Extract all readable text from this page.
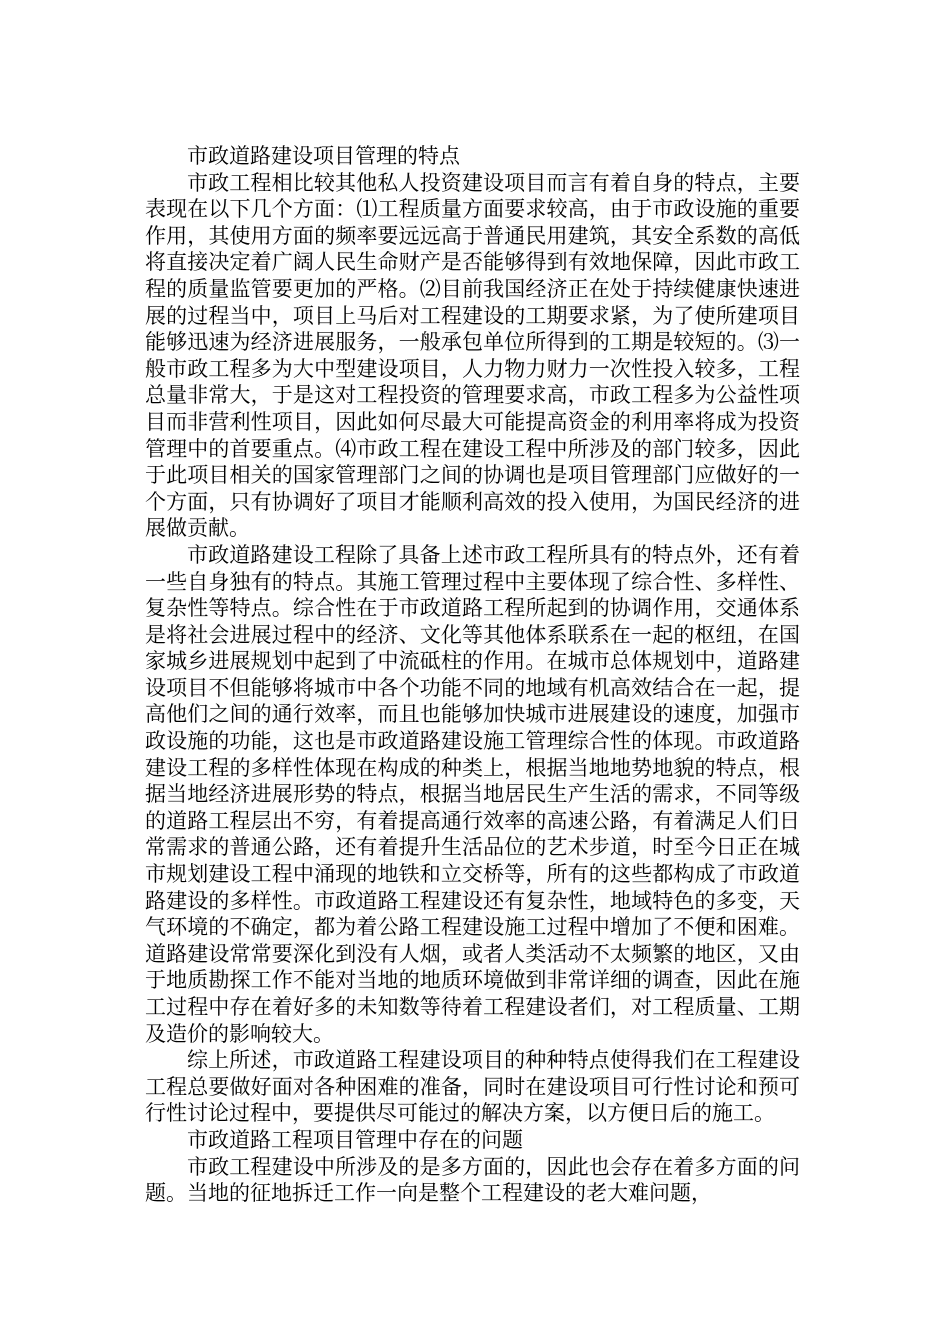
市政道路建设项目管理的特点

市政工程相比较其他私人投资建设项目而言有着自身的特点，主要表现在以下几个方面：⑴工程质量方面要求较高，由于市政设施的重要作用，其使用方面的频率要远远高于普通民用建筑，其安全系数的高低将直接决定着广阔人民生命财产是否能够得到有效地保障，因此市政工程的质量监管要更加的严格。⑵目前我国经济正在处于持续健康快速进展的过程当中，项目上马后对工程建设的工期要求紧，为了使所建项目能够迅速为经济进展服务，一般承包单位所得到的工期是较短的。⑶一般市政工程多为大中型建设项目，人力物力财力一次性投入较多，工程总量非常大，于是这对工程投资的管理要求高，市政工程多为公益性项目而非营利性项目，因此如何尽最大可能提高资金的利用率将成为投资管理中的首要重点。⑷市政工程在建设工程中所涉及的部门较多，因此于此项目相关的国家管理部门之间的协调也是项目管理部门应做好的一个方面，只有协调好了项目才能顺利高效的投入使用，为国民经济的进展做贡献。

市政道路建设工程除了具备上述市政工程所具有的特点外，还有着一些自身独有的特点。其施工管理过程中主要体现了综合性、多样性、复杂性等特点。综合性在于市政道路工程所起到的协调作用，交通体系是将社会进展过程中的经济、文化等其他体系联系在一起的枢纽，在国家城乡进展规划中起到了中流砥柱的作用。在城市总体规划中，道路建设项目不但能够将城市中各个功能不同的地域有机高效结合在一起，提高他们之间的通行效率，而且也能够加快城市进展建设的速度，加强市政设施的功能，这也是市政道路建设施工管理综合性的体现。市政道路建设工程的多样性体现在构成的种类上，根据当地地势地貌的特点，根据当地经济进展形势的特点，根据当地居民生产生活的需求，不同等级的道路工程层出不穷，有着提高通行效率的高速公路，有着满足人们日常需求的普通公路，还有着提升生活品位的艺术步道，时至今日正在城市规划建设工程中涌现的地铁和立交桥等，所有的这些都构成了市政道路建设的多样性。市政道路工程建设还有复杂性，地域特色的多变，天气环境的不确定，都为着公路工程建设施工过程中增加了不便和困难。道路建设常常要深化到没有人烟，或者人类活动不太频繁的地区，又由于地质勘探工作不能对当地的地质环境做到非常详细的调查，因此在施工过程中存在着好多的未知数等待着工程建设者们，对工程质量、工期及造价的影响较大。

综上所述，市政道路工程建设项目的种种特点使得我们在工程建设工程总要做好面对各种困难的准备，同时在建设项目可行性讨论和预可行性讨论过程中，要提供尽可能过的解决方案，以方便日后的施工。

市政道路工程项目管理中存在的问题

市政工程建设中所涉及的是多方面的，因此也会存在着多方面的问题。当地的征地拆迁工作一向是整个工程建设的老大难问题，
